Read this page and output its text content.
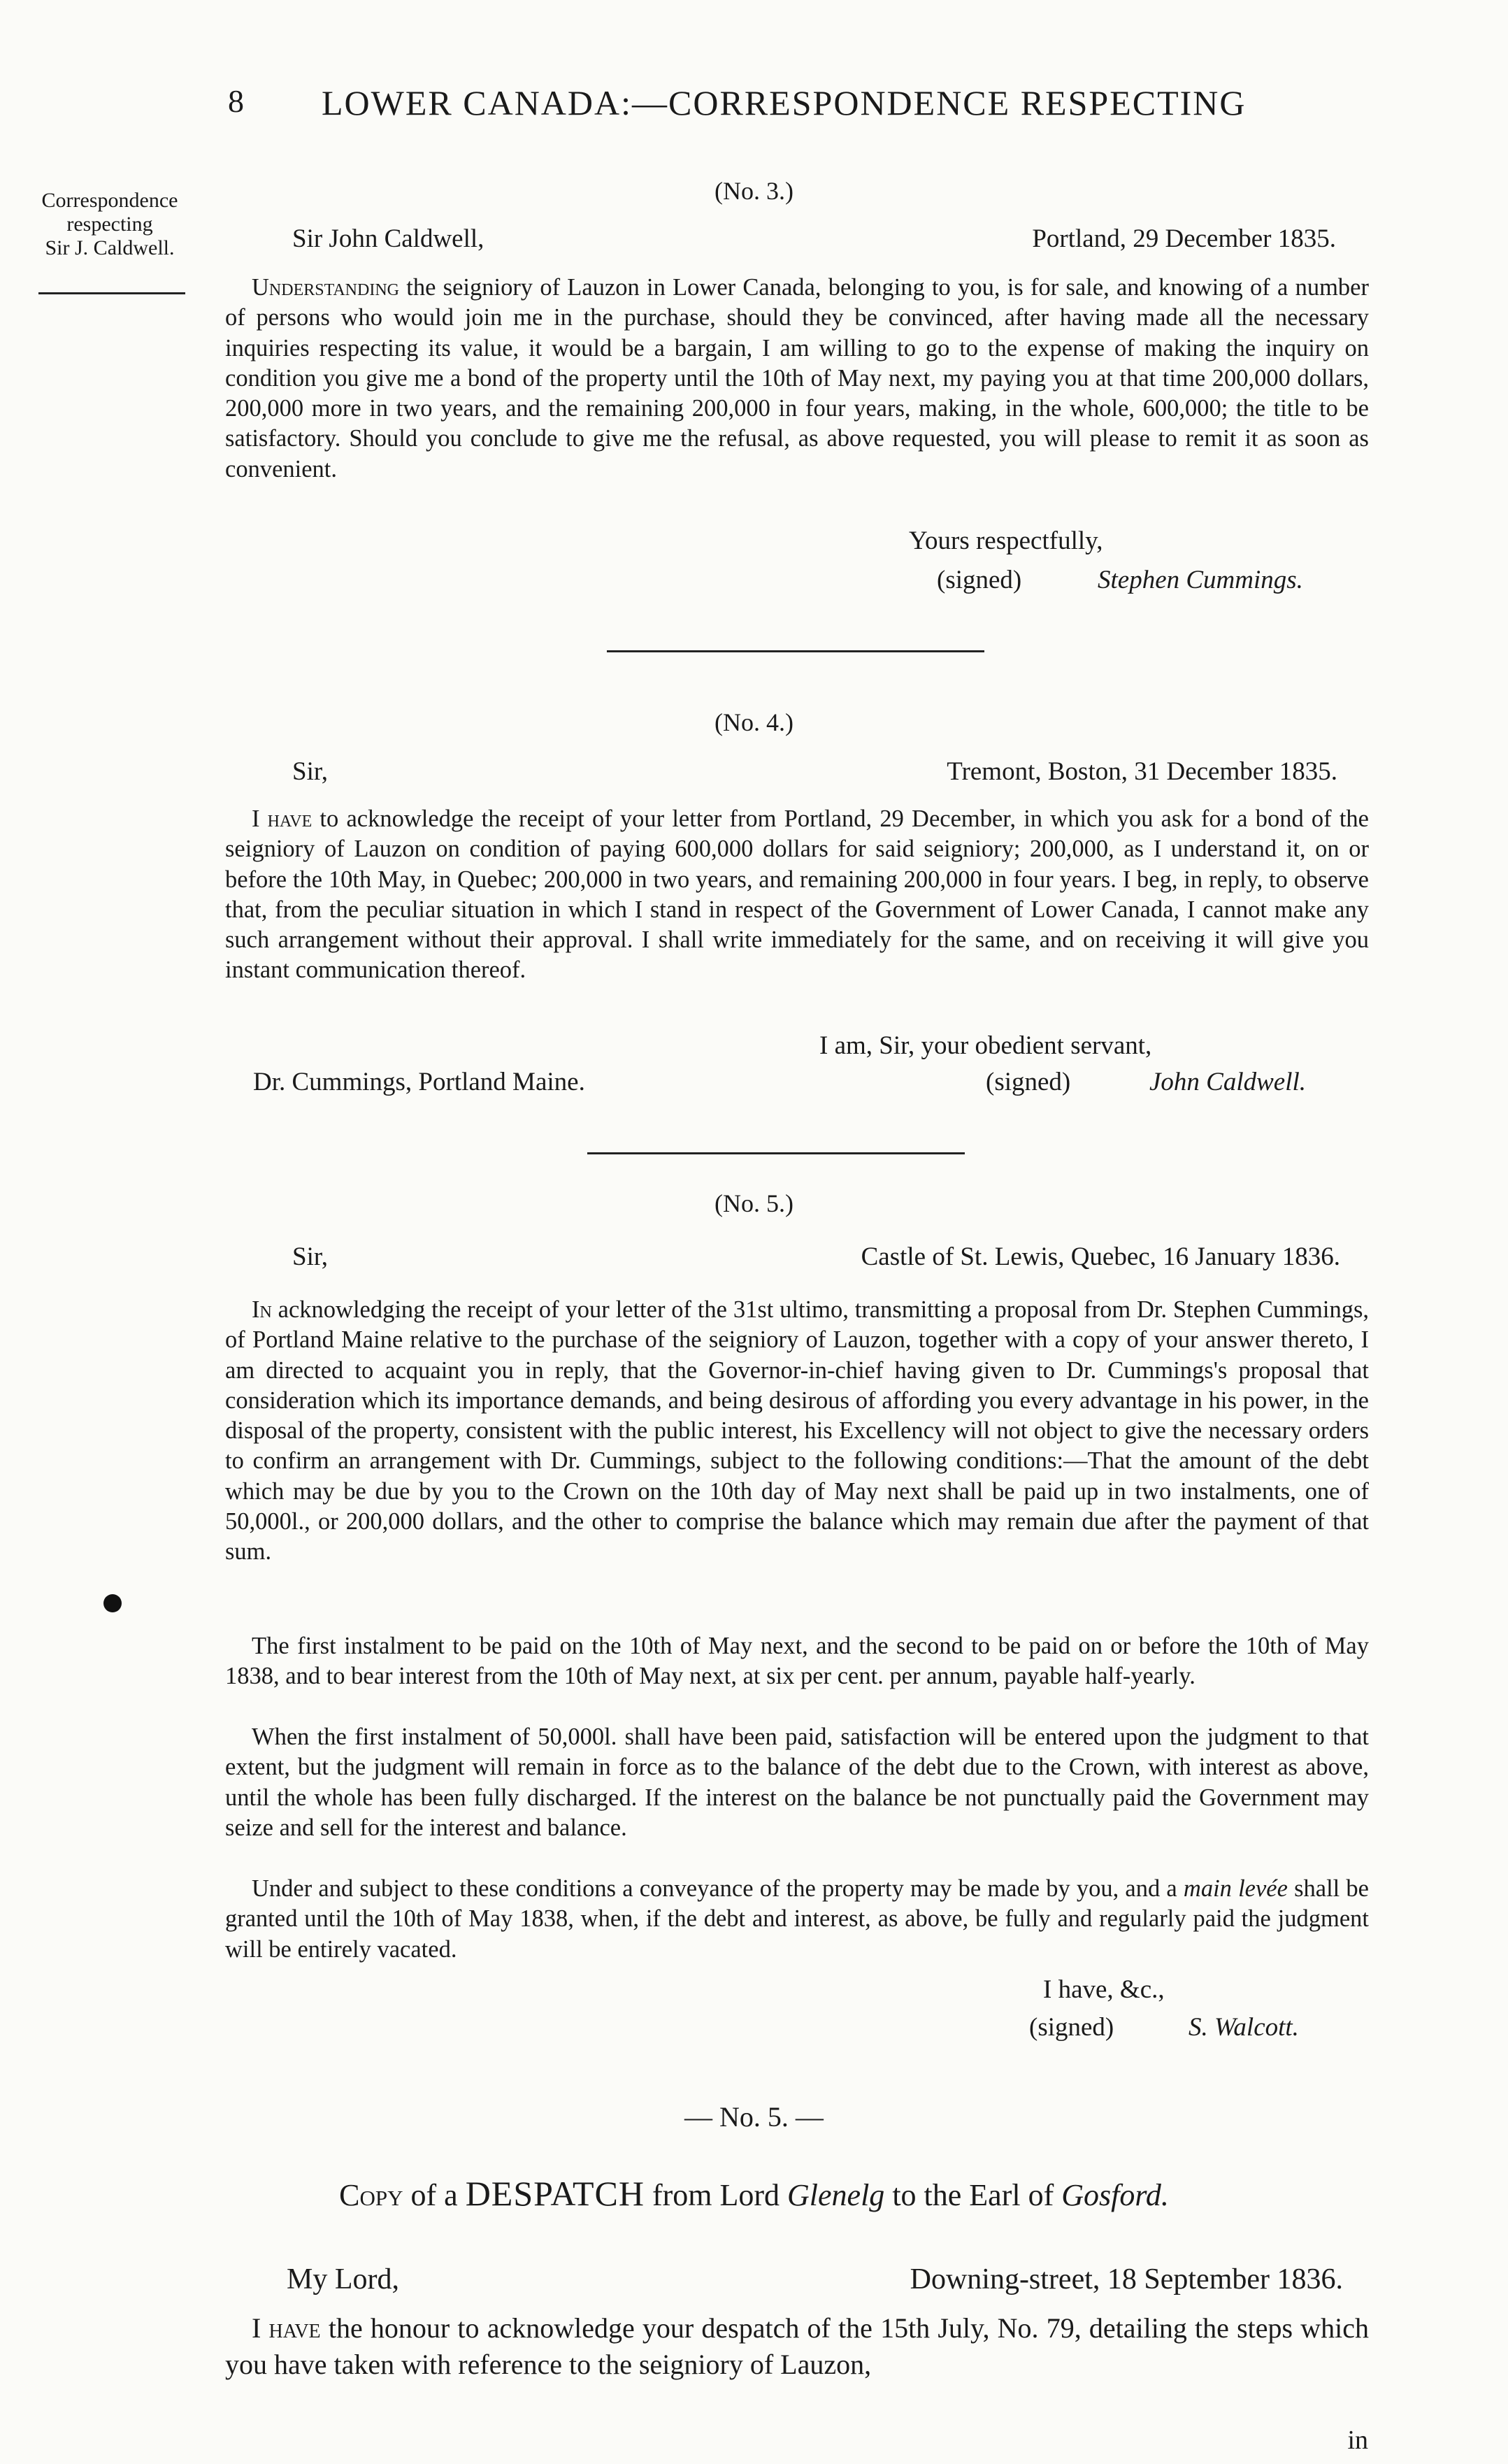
8 LOWER CANADA:—CORRESPONDENCE RESPECTING
Correspondence
respecting
Sir J. Caldwell.
(No. 3.)
Sir John Caldwell,	Portland, 29 December 1835.
Understanding the seigniory of Lauzon in Lower Canada, belonging to you, is for sale, and knowing of a number of persons who would join me in the purchase, should they be convinced, after having made all the necessary inquiries respecting its value, it would be a bargain, I am willing to go to the expense of making the inquiry on condition you give me a bond of the property until the 10th of May next, my paying you at that time 200,000 dollars, 200,000 more in two years, and the remaining 200,000 in four years, making, in the whole, 600,000; the title to be satisfactory. Should you conclude to give me the refusal, as above requested, you will please to remit it as soon as convenient.
Yours respectfully,
(signed)	Stephen Cummings.
(No. 4.)
Sir,	Tremont, Boston, 31 December 1835.
I have to acknowledge the receipt of your letter from Portland, 29 December, in which you ask for a bond of the seigniory of Lauzon on condition of paying 600,000 dollars for said seigniory; 200,000, as I understand it, on or before the 10th May, in Quebec; 200,000 in two years, and remaining 200,000 in four years. I beg, in reply, to observe that, from the peculiar situation in which I stand in respect of the Government of Lower Canada, I cannot make any such arrangement without their approval. I shall write immediately for the same, and on receiving it will give you instant communication thereof.
I am, Sir, your obedient servant,
Dr. Cummings, Portland Maine.	(signed)	John Caldwell.
(No. 5.)
Sir,	Castle of St. Lewis, Quebec, 16 January 1836.
In acknowledging the receipt of your letter of the 31st ultimo, transmitting a proposal from Dr. Stephen Cummings, of Portland Maine relative to the purchase of the seigniory of Lauzon, together with a copy of your answer thereto, I am directed to acquaint you in reply, that the Governor-in-chief having given to Dr. Cummings's proposal that consideration which its importance demands, and being desirous of affording you every advantage in his power, in the disposal of the property, consistent with the public interest, his Excellency will not object to give the necessary orders to confirm an arrangement with Dr. Cummings, subject to the following conditions:—That the amount of the debt which may be due by you to the Crown on the 10th day of May next shall be paid up in two instalments, one of 50,000l., or 200,000 dollars, and the other to comprise the balance which may remain due after the payment of that sum.
The first instalment to be paid on the 10th of May next, and the second to be paid on or before the 10th of May 1838, and to bear interest from the 10th of May next, at six per cent. per annum, payable half-yearly.
When the first instalment of 50,000l. shall have been paid, satisfaction will be entered upon the judgment to that extent, but the judgment will remain in force as to the balance of the debt due to the Crown, with interest as above, until the whole has been fully discharged. If the interest on the balance be not punctually paid the Government may seize and sell for the interest and balance.
Under and subject to these conditions a conveyance of the property may be made by you, and a main levée shall be granted until the 10th of May 1838, when, if the debt and interest, as above, be fully and regularly paid the judgment will be entirely vacated.
I have, &c.,
(signed)	S. Walcott.
— No. 5. —
Copy of a DESPATCH from Lord Glenelg to the Earl of Gosford.
My Lord,	Downing-street, 18 September 1836.
I have the honour to acknowledge your despatch of the 15th July, No. 79, detailing the steps which you have taken with reference to the seigniory of Lauzon,
in
